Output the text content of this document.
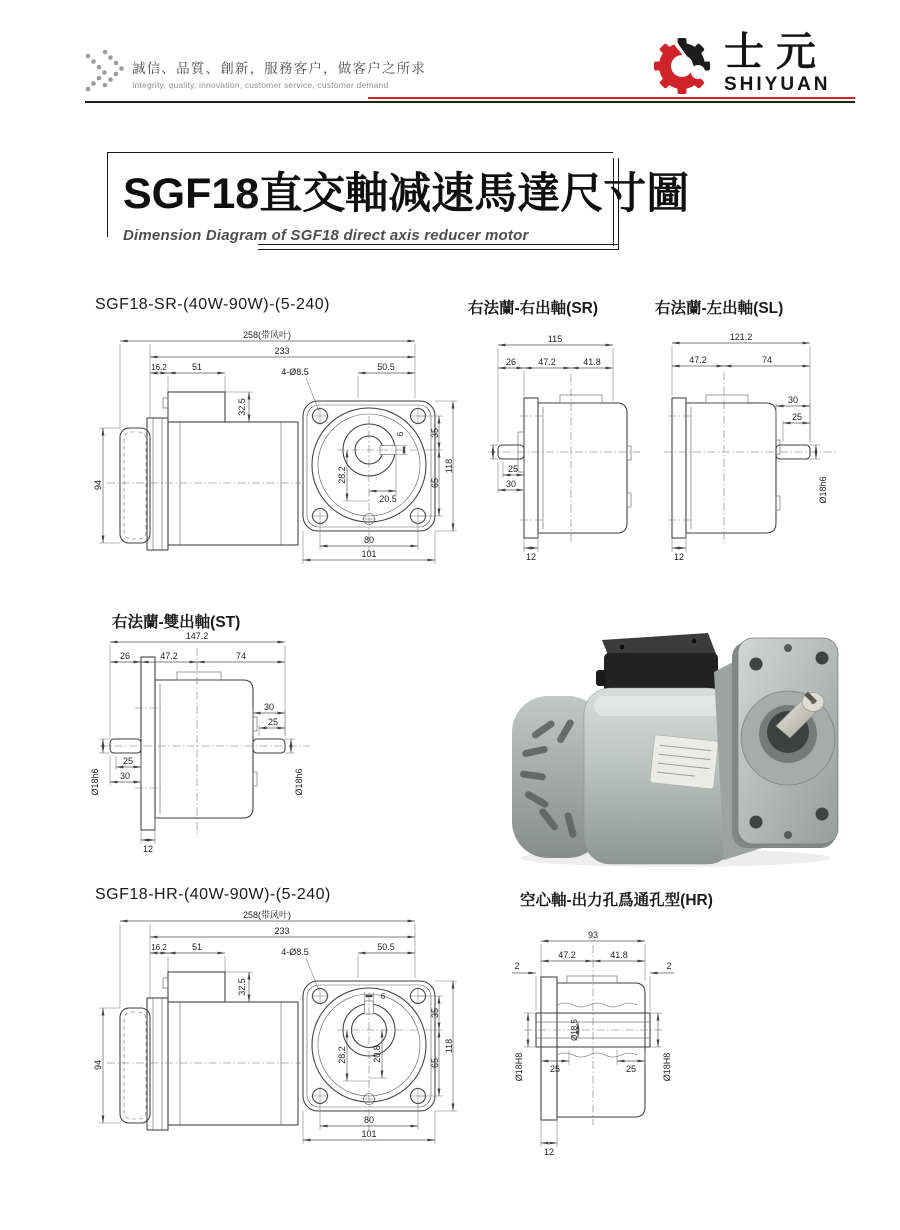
誠信、品質、創新，服務客户，做客户之所求
Integrity, quality, innovation, customer service, customer demand
士元
SHIYUAN
SGF18直交軸减速馬達尺寸圖
Dimension Diagram of SGF18 direct axis reducer motor
SGF18-SR-(40W-90W)-(5-240)	右法蘭-右出軸(SR)	右法蘭-左出軸(SL)
右法蘭-雙出軸(ST)
SGF18-HR-(40W-90W)-(5-240)	空心軸-出力孔爲通孔型(HR)
258(带风叶)
233
16.2	51	50.5
4-Ø8.5
32.5
94
6
28.2
20.5
35
65
118
80
101
115
26 47.2	41.8
25
30
12
121.2
47.2	74
30
25
Ø18h6
12
147.2
26	47.2	74
25
30
Ø18h6
30
25
Ø18h6
12
258(带风叶)
233
16.2	51	50.5
4-Ø8.5
32.5
94
6
28.2	20.8
35
65
118
80
101
93
47.2	41.8
2	2
Ø18.5
25	25
Ø18H8	Ø18H8
12
